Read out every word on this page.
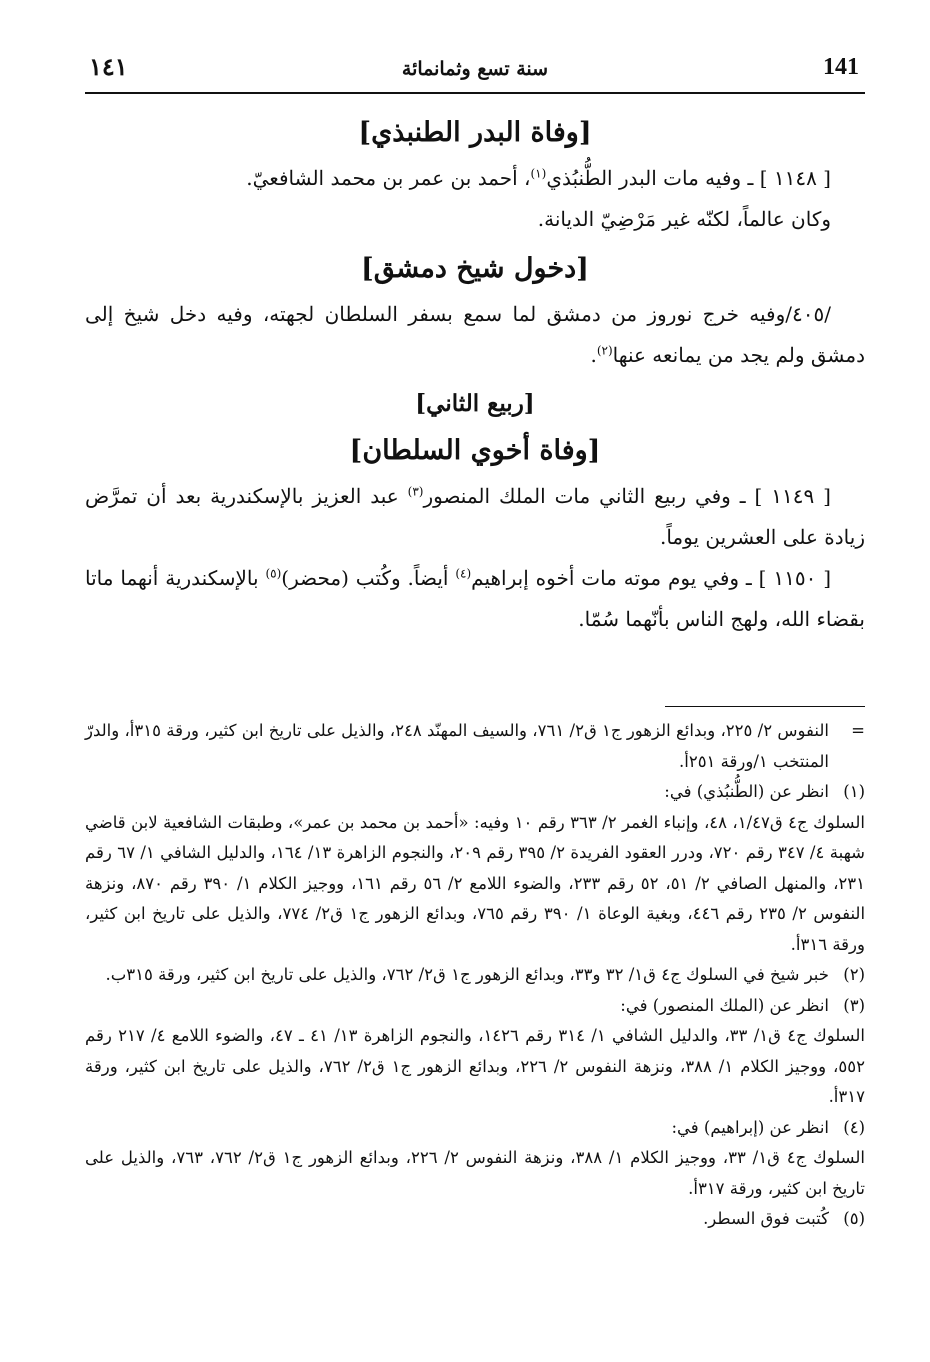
141
سنة تسع وثمانمائة
١٤١
[وفاة البدر الطنبذي]

[ ١١٤٨ ] ـ وفيه مات البدر الطُّنبُذي$^{(١)}$، أحمد بن عمر بن محمد الشافعيّ.

وكان عالماً، لكنّه غير مَرْضِيّ الديانة.

[دخول شيخ دمشق]

/٤٠٥/وفيه خرج نوروز من دمشق لما سمع بسفر السلطان لجهته، وفيه دخل شيخ إلى دمشق ولم يجد من يمانعه عنها$^{(٢)}$.

[ربيع الثاني]
[وفاة أخوي السلطان]

[ ١١٤٩ ] ـ وفي ربيع الثاني مات الملك المنصور$^{(٣)}$ عبد العزيز بالإسكندرية بعد أن تمرَّض زيادة على العشرين يوماً.

[ ١١٥٠ ] ـ وفي يوم موته مات أخوه إبراهيم$^{(٤)}$ أيضاً. وكُتب (محضر)$^{(٥)}$ بالإسكندرية أنهما ماتا بقضاء الله، ولهج الناس بأنّهما سُمّا.

=
النفوس ٢/ ٢٢٥، وبدائع الزهور ج١ ق٢/ ٧٦١، والسيف المهنّد ٢٤٨، والذيل على تاريخ ابن كثير، ورقة ٣١٥أ، والدرّ المنتخب ١/ورقة ٢٥١أ.
(١)
انظر عن (الطُّنبُذي) في:
السلوك ج٤ ق١/٤٧، ٤٨، وإنباء الغمر ٢/ ٣٦٣ رقم ١٠ وفيه: «أحمد بن محمد بن عمر»، وطبقات الشافعية لابن قاضي شهبة ٤/ ٣٤٧ رقم ٧٢٠، ودرر العقود الفريدة ٢/ ٣٩٥ رقم ٢٠٩، والنجوم الزاهرة ١٣/ ١٦٤، والدليل الشافي ١/ ٦٧ رقم ٢٣١، والمنهل الصافي ٢/ ٥١، ٥٢ رقم ٢٣٣، والضوء اللامع ٢/ ٥٦ رقم ١٦١، ووجيز الكلام ١/ ٣٩٠ رقم ٨٧٠، ونزهة النفوس ٢/ ٢٣٥ رقم ٤٤٦، وبغية الوعاة ١/ ٣٩٠ رقم ٧٦٥، وبدائع الزهور ج١ ق٢/ ٧٧٤، والذيل على تاريخ ابن كثير، ورقة ٣١٦أ.
(٢)
خبر شيخ في السلوك ج٤ ق١/ ٣٢ و٣٣، وبدائع الزهور ج١ ق٢/ ٧٦٢، والذيل على تاريخ ابن كثير، ورقة ٣١٥ب.
(٣)
انظر عن (الملك المنصور) في:
السلوك ج٤ ق١/ ٣٣، والدليل الشافي ١/ ٣١٤ رقم ١٤٢٦، والنجوم الزاهرة ١٣/ ٤١ ـ ٤٧، والضوء اللامع ٤/ ٢١٧ رقم ٥٥٢، ووجيز الكلام ١/ ٣٨٨، ونزهة النفوس ٢/ ٢٢٦، وبدائع الزهور ج١ ق٢/ ٧٦٢، والذيل على تاريخ ابن كثير، ورقة ٣١٧أ.
(٤)
انظر عن (إبراهيم) في:
السلوك ج٤ ق١/ ٣٣، ووجيز الكلام ١/ ٣٨٨، ونزهة النفوس ٢/ ٢٢٦، وبدائع الزهور ج١ ق٢/ ٧٦٢، ٧٦٣، والذيل على تاريخ ابن كثير، ورقة ٣١٧أ.
(٥)
كُتبت فوق السطر.
